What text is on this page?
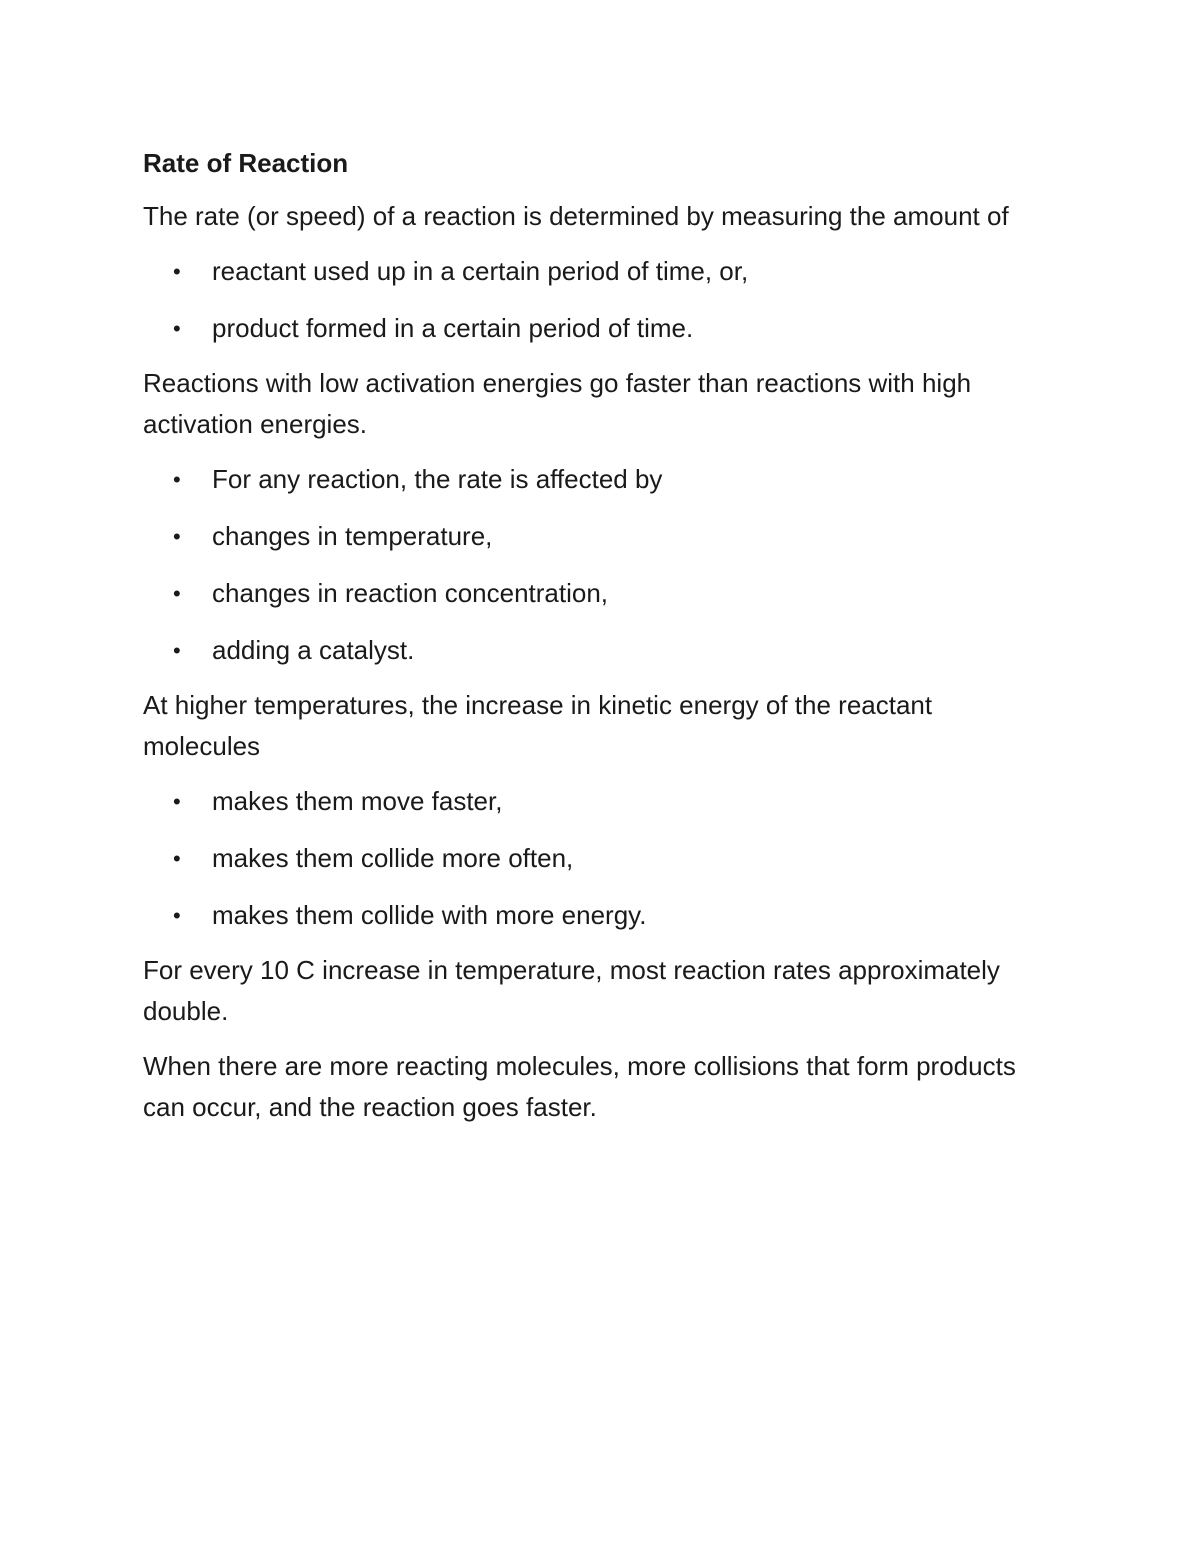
Rate of Reaction
The rate (or speed) of a reaction is determined by measuring the amount of
• reactant used up in a certain period of time, or,
• product formed in a certain period of time.
Reactions with low activation energies go faster than reactions with high activation energies.
• For any reaction, the rate is affected by
• changes in temperature,
• changes in reaction concentration,
• adding a catalyst.
At higher temperatures, the increase in kinetic energy of the reactant molecules
• makes them move faster,
• makes them collide more often,
• makes them collide with more energy.
For every 10 C increase in temperature, most reaction rates approximately double.
When there are more reacting molecules, more collisions that form products can occur, and the reaction goes faster.
